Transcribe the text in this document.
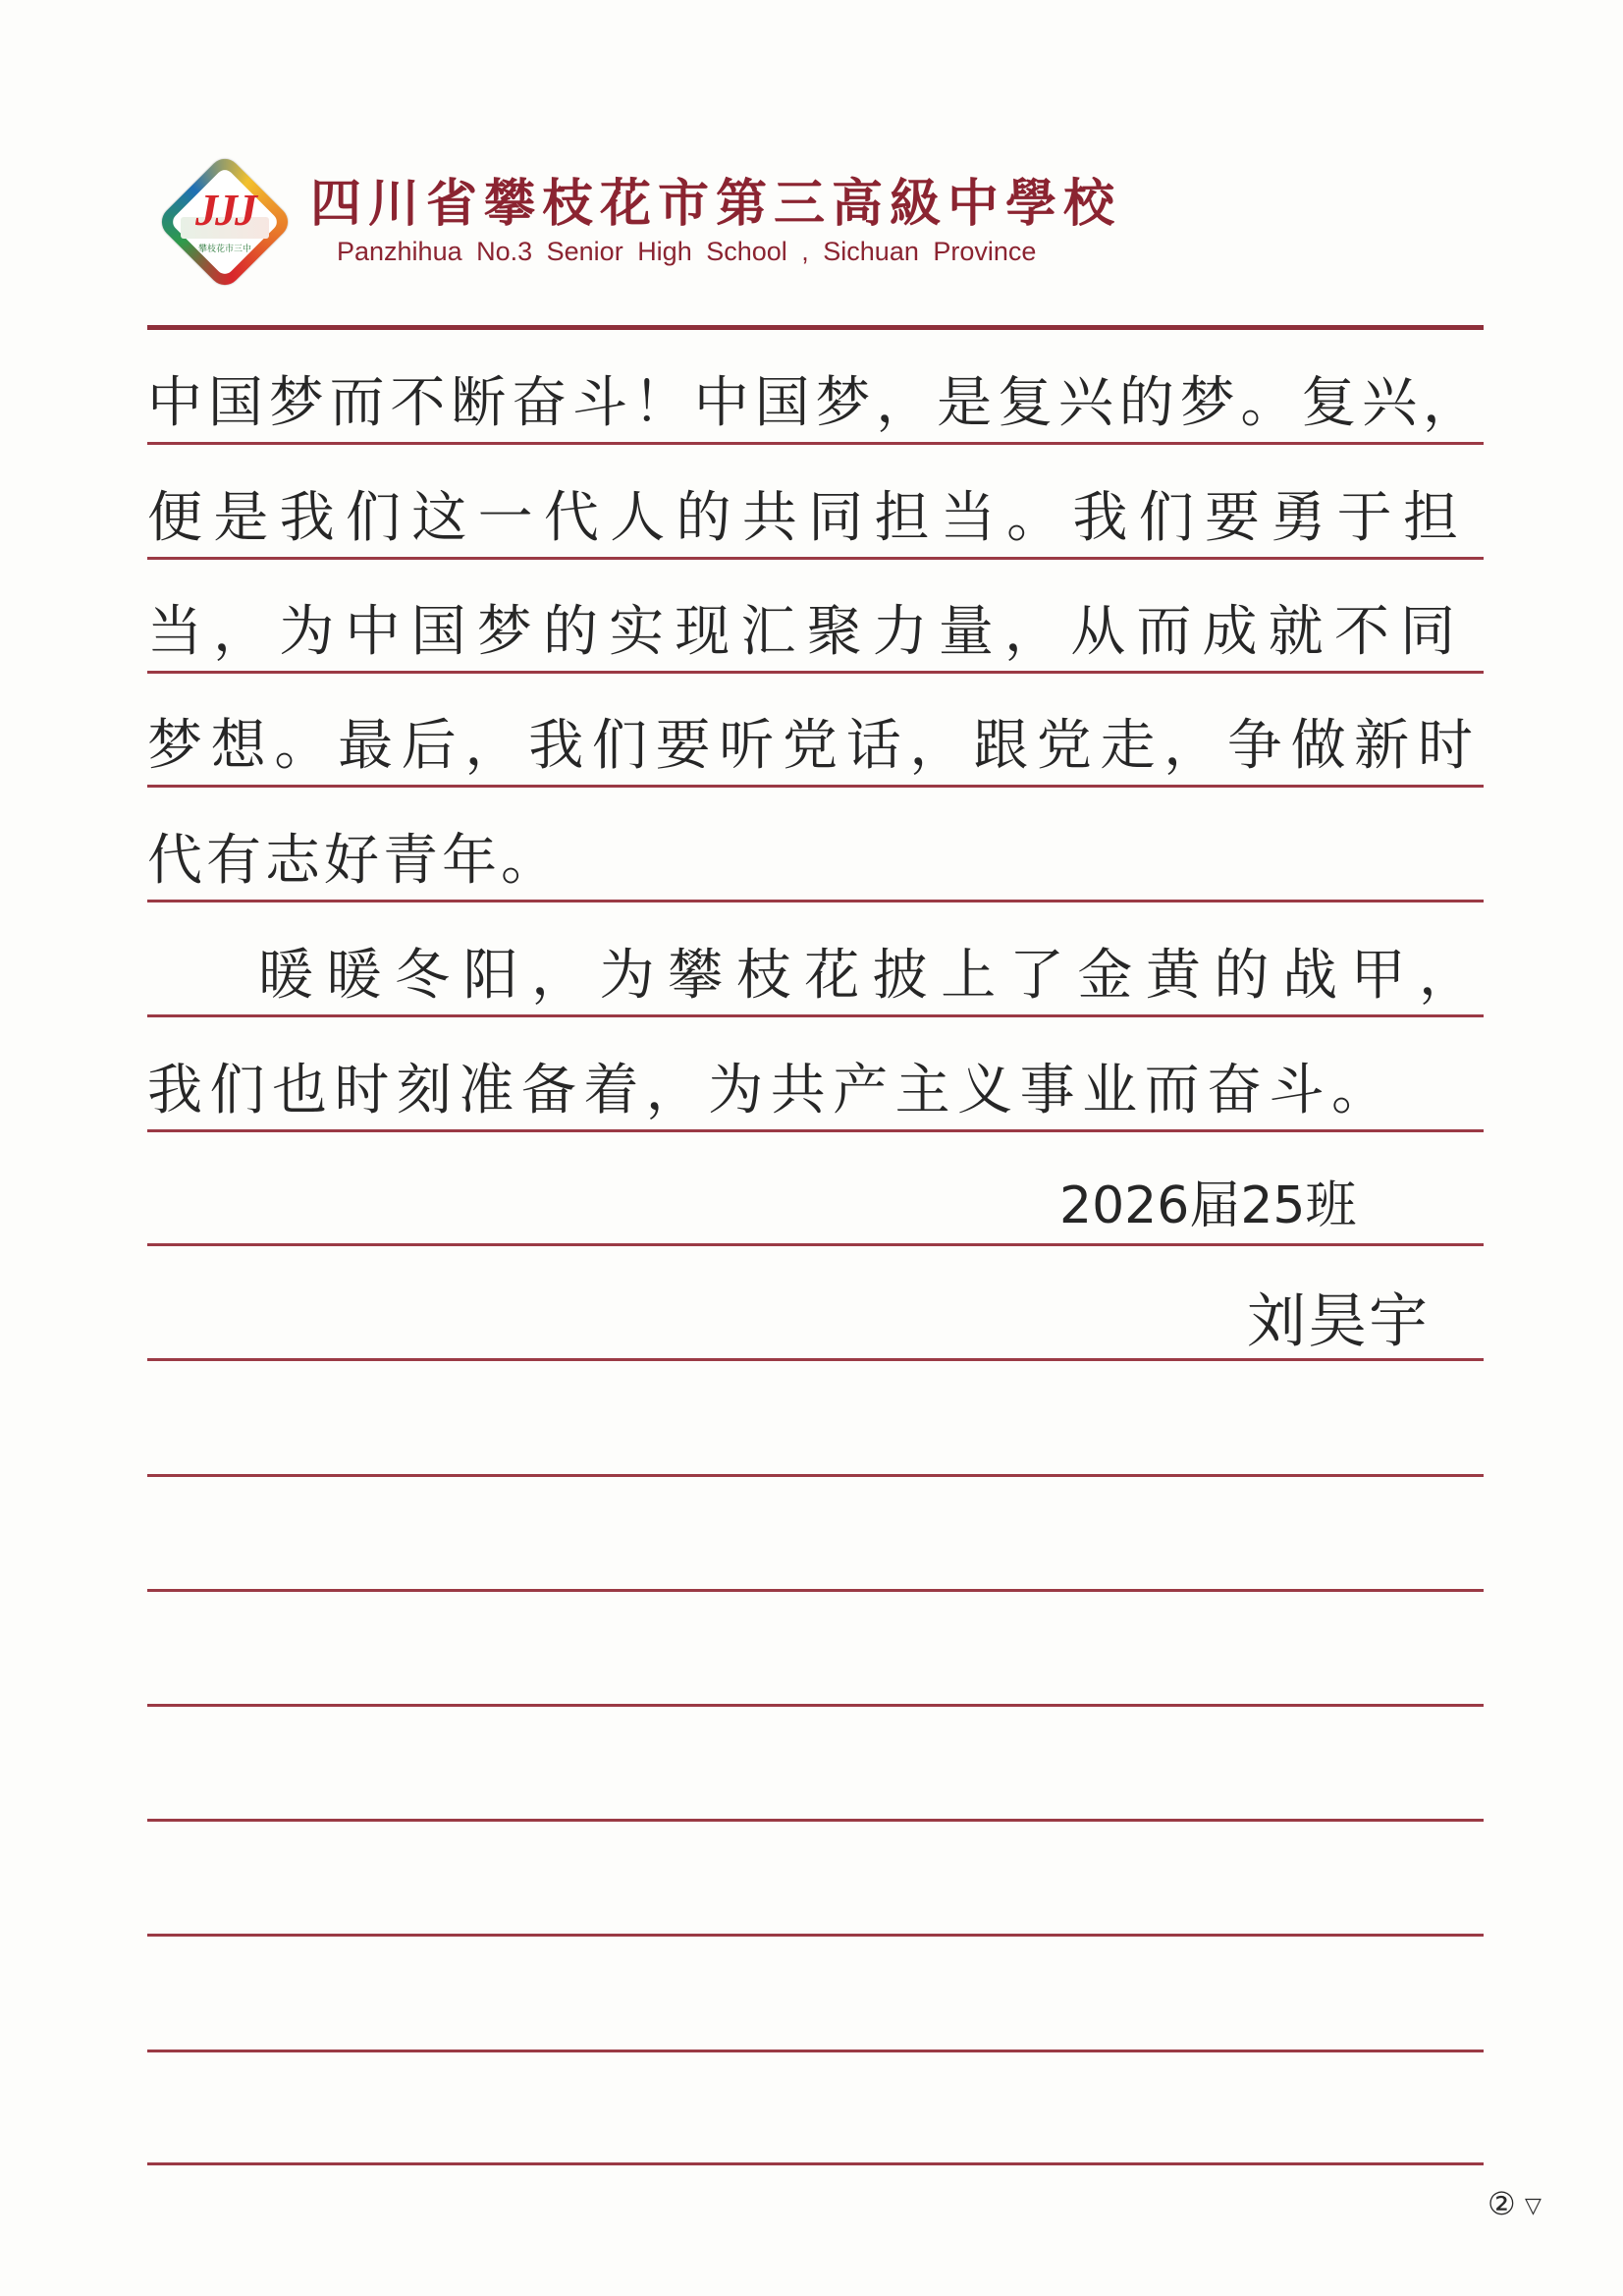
JJJ
攀枝花市三中
四川省攀枝花市第三高級中學校
Panzhihua No.3 Senior High School , Sichuan Province
中国梦而不断奋斗！中国梦，是复兴的梦。复兴，
便是我们这一代人的共同担当。我们要勇于担
当，为中国梦的实现汇聚力量，从而成就不同
梦想。最后，我们要听党话，跟党走，争做新时
代有志好青年。
暖暖冬阳，为攀枝花披上了金黄的战甲，
我们也时刻准备着，为共产主义事业而奋斗。
2026届25班
刘昊宇
② ▽
